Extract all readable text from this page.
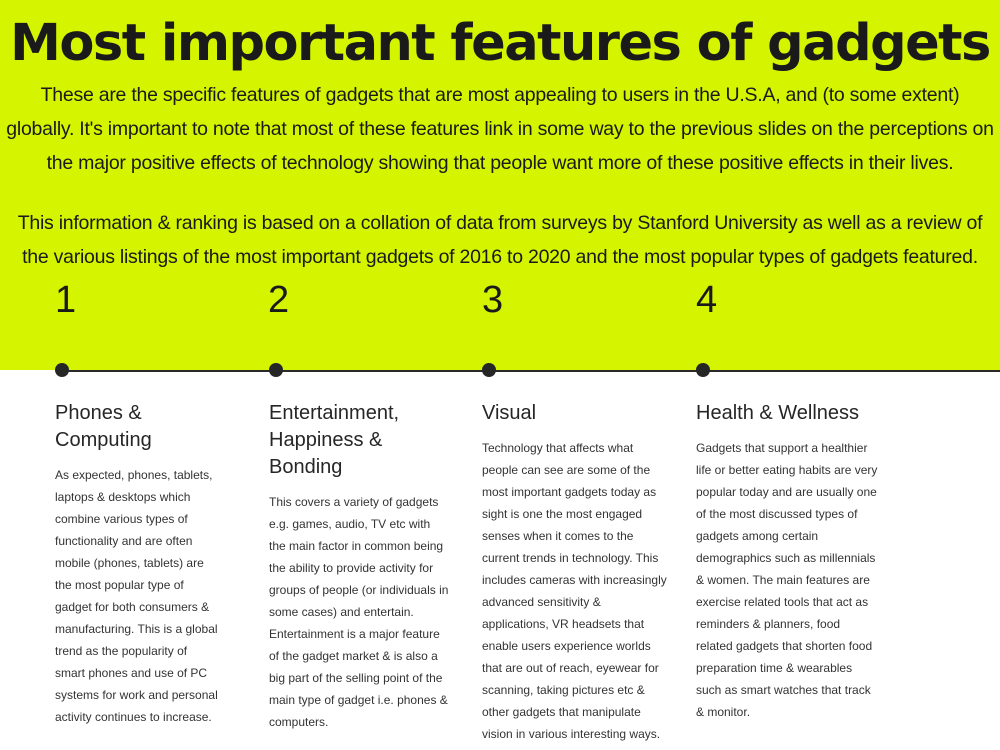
Most important features of gadgets

These are the specific features of gadgets that are most appealing to users in the U.S.A, and (to some extent) globally. It's important to note that most of these features link in some way to the previous slides on the perceptions on the major positive effects of technology showing that people want more of these positive effects in their lives.

This information & ranking is based on a collation of data from surveys by Stanford University as well as a review of the various listings of the most important gadgets of 2016 to 2020 and the most popular types of gadgets featured.

1	2	3	4
Phones & Computing
As expected, phones, tablets, laptops & desktops which combine various types of functionality and are often mobile (phones, tablets) are the most popular type of gadget for both consumers & manufacturing. This is a global trend as the popularity of smart phones and use of PC systems for work and personal activity continues to increase.
Entertainment, Happiness & Bonding
This covers a variety of gadgets e.g. games, audio, TV etc with the main factor in common being the ability to provide activity for groups of people (or individuals in some cases) and entertain. Entertainment is a major feature of the gadget market & is also a big part of the selling point of the main type of gadget i.e. phones & computers.
Visual
Technology that affects what people can see are some of the most important gadgets today as sight is one the most engaged senses when it comes to the current trends in technology. This includes cameras with increasingly advanced sensitivity & applications, VR headsets that enable users experience worlds that are out of reach, eyewear for scanning, taking pictures etc & other gadgets that manipulate vision in various interesting ways.
Health & Wellness
Gadgets that support a healthier life or better eating habits are very popular today and are usually one of the most discussed types of gadgets among certain demographics such as millennials & women. The main features are exercise related tools that act as reminders & planners, food related gadgets that shorten food preparation time & wearables such as smart watches that track & monitor.
